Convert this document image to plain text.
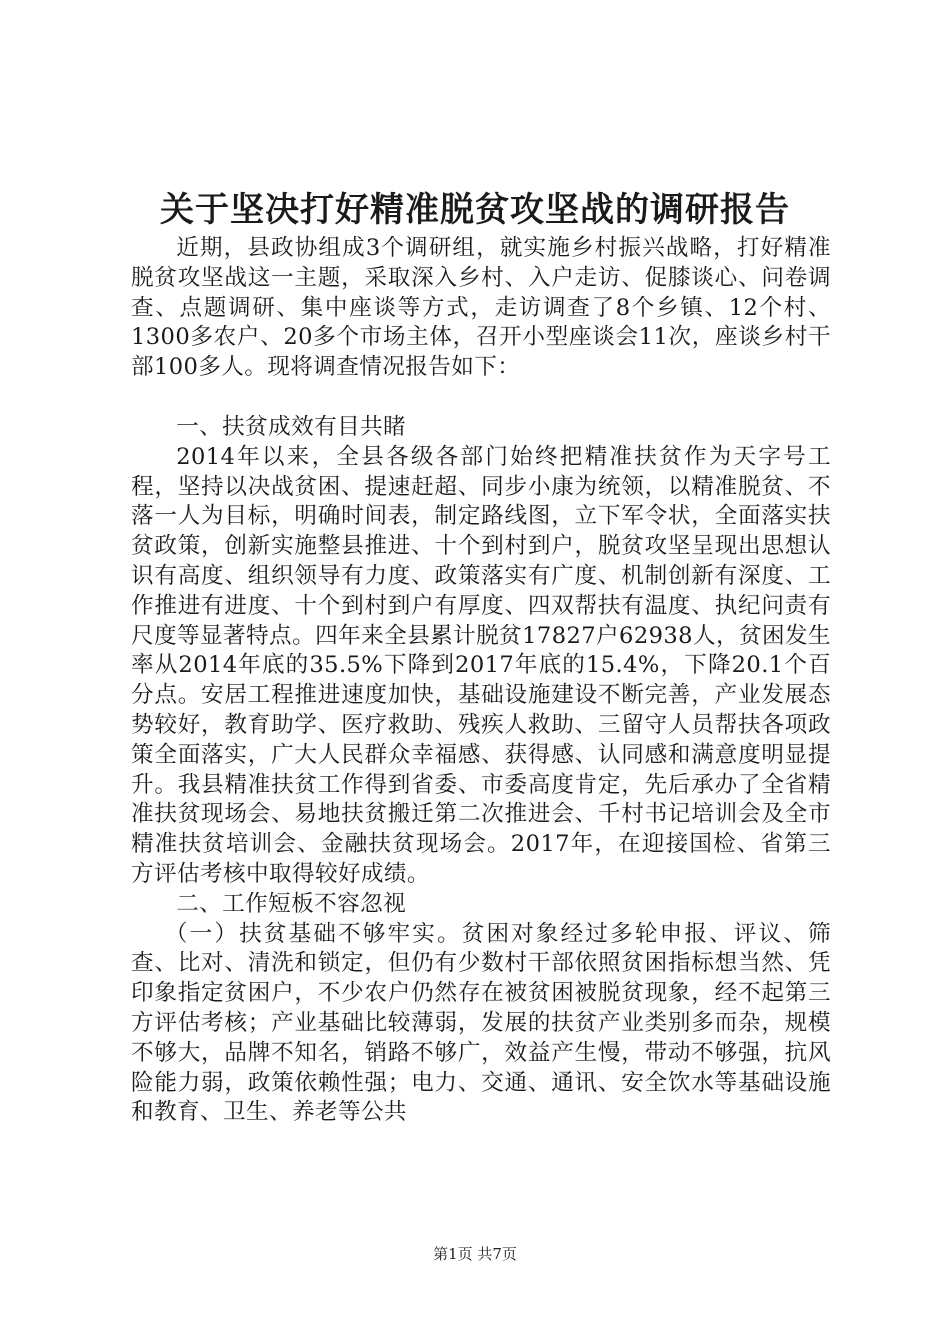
关于坚决打好精准脱贫攻坚战的调研报告

近期，县政协组成3个调研组，就实施乡村振兴战略，打好精准脱贫攻坚战这一主题，采取深入乡村、入户走访、促膝谈心、问卷调查、点题调研、集中座谈等方式，走访调查了8个乡镇、12个村、1300多农户、20多个市场主体，召开小型座谈会11次，座谈乡村干部100多人。现将调查情况报告如下：

一、扶贫成效有目共睹

2014年以来，全县各级各部门始终把精准扶贫作为天字号工程，坚持以决战贫困、提速赶超、同步小康为统领，以精准脱贫、不落一人为目标，明确时间表，制定路线图，立下军令状，全面落实扶贫政策，创新实施整县推进、十个到村到户，脱贫攻坚呈现出思想认识有高度、组织领导有力度、政策落实有广度、机制创新有深度、工作推进有进度、十个到村到户有厚度、四双帮扶有温度、执纪问责有尺度等显著特点。四年来全县累计脱贫17827户62938人，贫困发生率从2014年底的35.5%下降到2017年底的15.4%，下降20.1个百分点。安居工程推进速度加快，基础设施建设不断完善，产业发展态势较好，教育助学、医疗救助、残疾人救助、三留守人员帮扶各项政策全面落实，广大人民群众幸福感、获得感、认同感和满意度明显提升。我县精准扶贫工作得到省委、市委高度肯定，先后承办了全省精准扶贫现场会、易地扶贫搬迁第二次推进会、千村书记培训会及全市精准扶贫培训会、金融扶贫现场会。2017年，在迎接国检、省第三方评估考核中取得较好成绩。

二、工作短板不容忽视

（一）扶贫基础不够牢实。贫困对象经过多轮申报、评议、筛查、比对、清洗和锁定，但仍有少数村干部依照贫困指标想当然、凭印象指定贫困户，不少农户仍然存在被贫困被脱贫现象，经不起第三方评估考核；产业基础比较薄弱，发展的扶贫产业类别多而杂，规模不够大，品牌不知名，销路不够广，效益产生慢，带动不够强，抗风险能力弱，政策依赖性强；电力、交通、通讯、安全饮水等基础设施和教育、卫生、养老等公共

第1页 共7页
